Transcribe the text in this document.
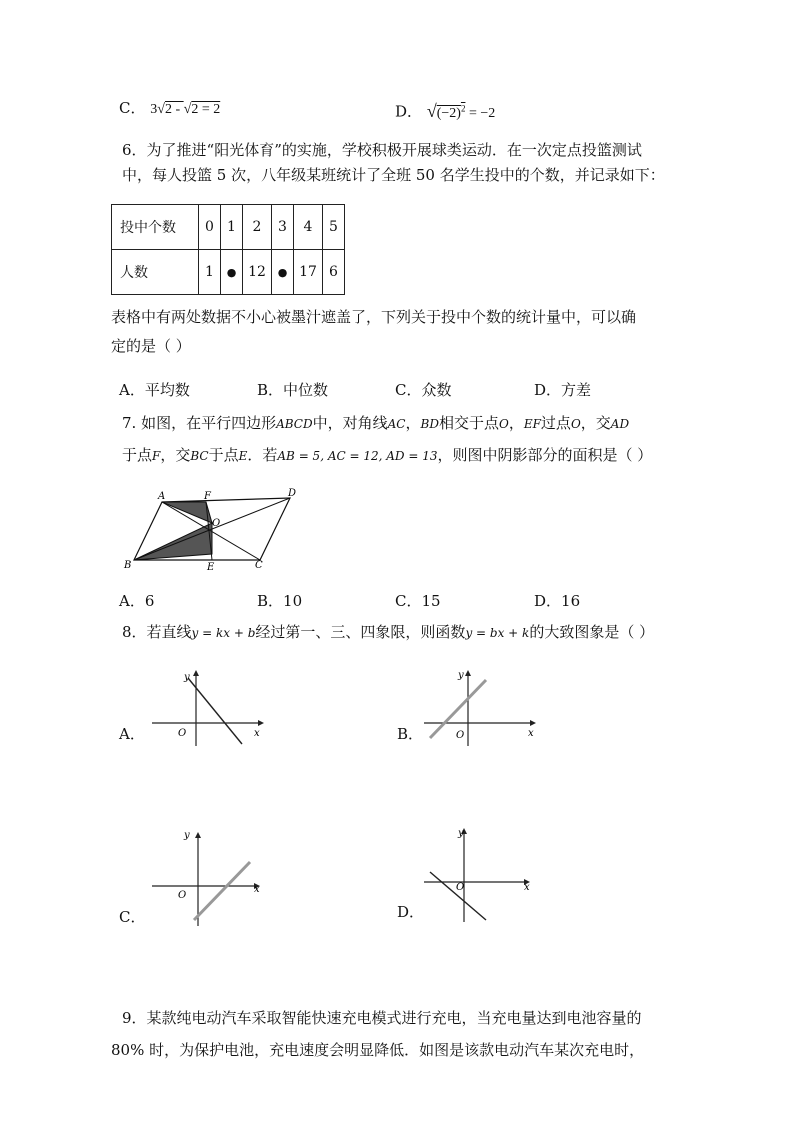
C． 3√2 - √2 = 2	D． $√(-2)^2 = -2$
6．为了推进“阳光体育”的实施，学校积极开展球类运动．在一次定点投篮测试
中，每人投篮 5 次，八年级某班统计了全班 50 名学生投中的个数，并记录如下：
投中个数	0	1	2	3	4	5
人数	1	●	12	●	17	6
表格中有两处数据不小心被墨汁遮盖了，下列关于投中个数的统计量中，可以确
定的是（ ）
A．平均数	B．中位数	C．众数	D．方差
7. 如图，在平行四边形ABCD中，对角线AC，BD相交于点O，EF过点O，交AD
于点F，交BC于点E．若AB = 5, AC = 12, AD = 13，则图中阴影部分的面积是（ ）
A	F	D
O
B	E	C
A．6	B．10	C．15	D．16
8．若直线y = kx + b经过第一、三、四象限，则函数y = bx + k的大致图象是（ ）
A．	x
y
O	B．	x
y
O
C．
x
y
O
D．
x
y
O
9．某款纯电动汽车采取智能快速充电模式进行充电，当充电量达到电池容量的
80% 时，为保护电池，充电速度会明显降低．如图是该款电动汽车某次充电时，
